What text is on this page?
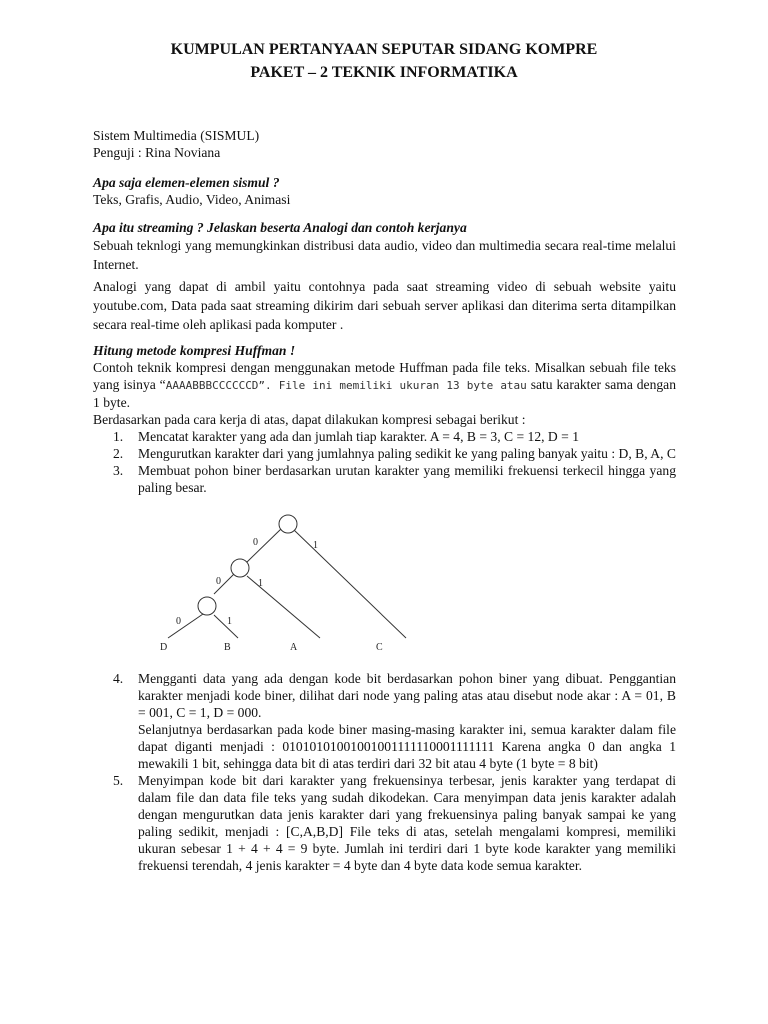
KUMPULAN PERTANYAAN SEPUTAR SIDANG KOMPRE
PAKET – 2 TEKNIK INFORMATIKA

Sistem Multimedia (SISMUL)

Penguji : Rina Noviana

Apa saja elemen-elemen sismul ?

Teks, Grafis, Audio, Video, Animasi

Apa itu streaming ? Jelaskan beserta Analogi dan contoh kerjanya

Sebuah teknlogi yang memungkinkan distribusi data audio, video dan multimedia secara real-time melalui Internet.

Analogi yang dapat di ambil yaitu contohnya pada saat streaming video di sebuah website yaitu youtube.com, Data pada saat streaming dikirim dari sebuah server aplikasi dan diterima serta ditampilkan secara real-time oleh aplikasi pada komputer .

Hitung metode kompresi Huffman !

Contoh teknik kompresi dengan menggunakan metode Huffman pada file teks. Misalkan sebuah file teks yang isinya “AAAABBBCCCCCCD”. File ini memiliki ukuran 13 byte atau satu karakter sama dengan 1 byte.

Berdasarkan pada cara kerja di atas, dapat dilakukan kompresi sebagai berikut :

1. Mencatat karakter yang ada dan jumlah tiap karakter. A = 4, B = 3, C = 12, D = 1
2. Mengurutkan karakter dari yang jumlahnya paling sedikit ke yang paling banyak yaitu : D, B, A, C
3. Membuat pohon biner berdasarkan urutan karakter yang memiliki frekuensi terkecil hingga yang paling besar.
0	1
0	1
0	1
D	B	A	C
4. Mengganti data yang ada dengan kode bit berdasarkan pohon biner yang dibuat. Penggantian karakter menjadi kode biner, dilihat dari node yang paling atas atau disebut node akar : A = 01, B = 001, C = 1, D = 000.
Selanjutnya berdasarkan pada kode biner masing-masing karakter ini, semua karakter dalam file dapat diganti menjadi : 01010101001001001111110001111111 Karena angka 0 dan angka 1 mewakili 1 bit, sehingga data bit di atas terdiri dari 32 bit atau 4 byte (1 byte = 8 bit)
5. Menyimpan kode bit dari karakter yang frekuensinya terbesar, jenis karakter yang terdapat di dalam file dan data file teks yang sudah dikodekan. Cara menyimpan data jenis karakter adalah dengan mengurutkan data jenis karakter dari yang frekuensinya paling banyak sampai ke yang paling sedikit, menjadi : [C,A,B,D] File teks di atas, setelah mengalami kompresi, memiliki ukuran sebesar 1 + 4 + 4 = 9 byte. Jumlah ini terdiri dari 1 byte kode karakter yang memiliki frekuensi terendah, 4 jenis karakter = 4 byte dan 4 byte data kode semua karakter.
